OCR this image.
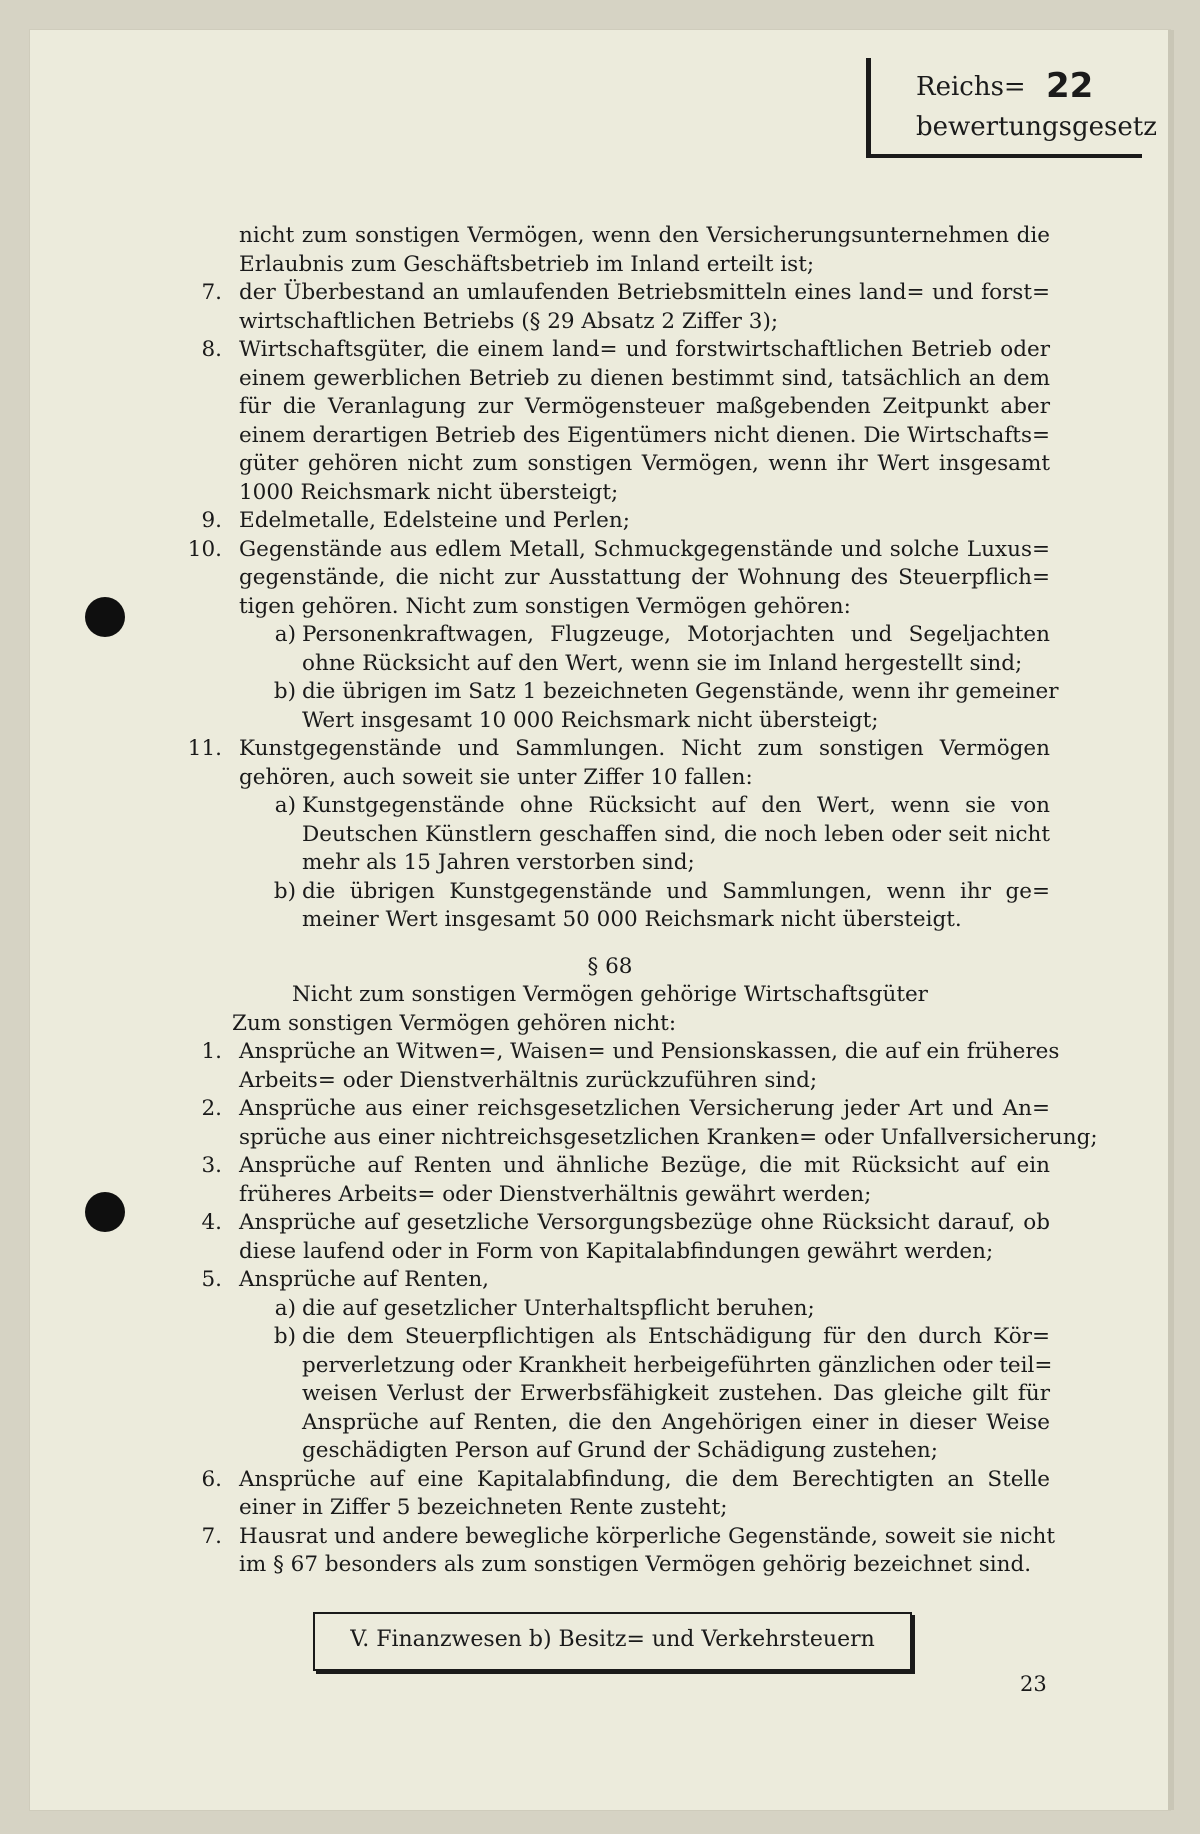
Reichs= 22
bewertungsgesetz
nicht zum sonstigen Vermögen, wenn den Versicherungsunternehmen die
Erlaubnis zum Geschäftsbetrieb im Inland erteilt ist;
7. der Überbestand an umlaufenden Betriebsmitteln eines land= und forst=
wirtschaftlichen Betriebs (§ 29 Absatz 2 Ziffer 3);
8. Wirtschaftsgüter, die einem land= und forstwirtschaftlichen Betrieb oder
einem gewerblichen Betrieb zu dienen bestimmt sind, tatsächlich an dem
für die Veranlagung zur Vermögensteuer maßgebenden Zeitpunkt aber
einem derartigen Betrieb des Eigentümers nicht dienen. Die Wirtschafts=
güter gehören nicht zum sonstigen Vermögen, wenn ihr Wert insgesamt
1000 Reichsmark nicht übersteigt;
9. Edelmetalle, Edelsteine und Perlen;
10. Gegenstände aus edlem Metall, Schmuckgegenstände und solche Luxus=
gegenstände, die nicht zur Ausstattung der Wohnung des Steuerpflich=
tigen gehören. Nicht zum sonstigen Vermögen gehören:
a) Personenkraftwagen, Flugzeuge, Motorjachten und Segeljachten
ohne Rücksicht auf den Wert, wenn sie im Inland hergestellt sind;
b) die übrigen im Satz 1 bezeichneten Gegenstände, wenn ihr gemeiner
Wert insgesamt 10 000 Reichsmark nicht übersteigt;
11. Kunstgegenstände und Sammlungen. Nicht zum sonstigen Vermögen
gehören, auch soweit sie unter Ziffer 10 fallen:
a) Kunstgegenstände ohne Rücksicht auf den Wert, wenn sie von
Deutschen Künstlern geschaffen sind, die noch leben oder seit nicht
mehr als 15 Jahren verstorben sind;
b) die übrigen Kunstgegenstände und Sammlungen, wenn ihr ge=
meiner Wert insgesamt 50 000 Reichsmark nicht übersteigt.
§ 68
Nicht zum sonstigen Vermögen gehörige Wirtschaftsgüter
Zum sonstigen Vermögen gehören nicht:
1. Ansprüche an Witwen=, Waisen= und Pensionskassen, die auf ein früheres
Arbeits= oder Dienstverhältnis zurückzuführen sind;
2. Ansprüche aus einer reichsgesetzlichen Versicherung jeder Art und An=
sprüche aus einer nichtreichsgesetzlichen Kranken= oder Unfallversicherung;
3. Ansprüche auf Renten und ähnliche Bezüge, die mit Rücksicht auf ein
früheres Arbeits= oder Dienstverhältnis gewährt werden;
4. Ansprüche auf gesetzliche Versorgungsbezüge ohne Rücksicht darauf, ob
diese laufend oder in Form von Kapitalabfindungen gewährt werden;
5. Ansprüche auf Renten,
a) die auf gesetzlicher Unterhaltspflicht beruhen;
b) die dem Steuerpflichtigen als Entschädigung für den durch Kör=
perverletzung oder Krankheit herbeigeführten gänzlichen oder teil=
weisen Verlust der Erwerbsfähigkeit zustehen. Das gleiche gilt für
Ansprüche auf Renten, die den Angehörigen einer in dieser Weise
geschädigten Person auf Grund der Schädigung zustehen;
6. Ansprüche auf eine Kapitalabfindung, die dem Berechtigten an Stelle
einer in Ziffer 5 bezeichneten Rente zusteht;
7. Hausrat und andere bewegliche körperliche Gegenstände, soweit sie nicht
im § 67 besonders als zum sonstigen Vermögen gehörig bezeichnet sind.
V. Finanzwesen b) Besitz= und Verkehrsteuern
23
